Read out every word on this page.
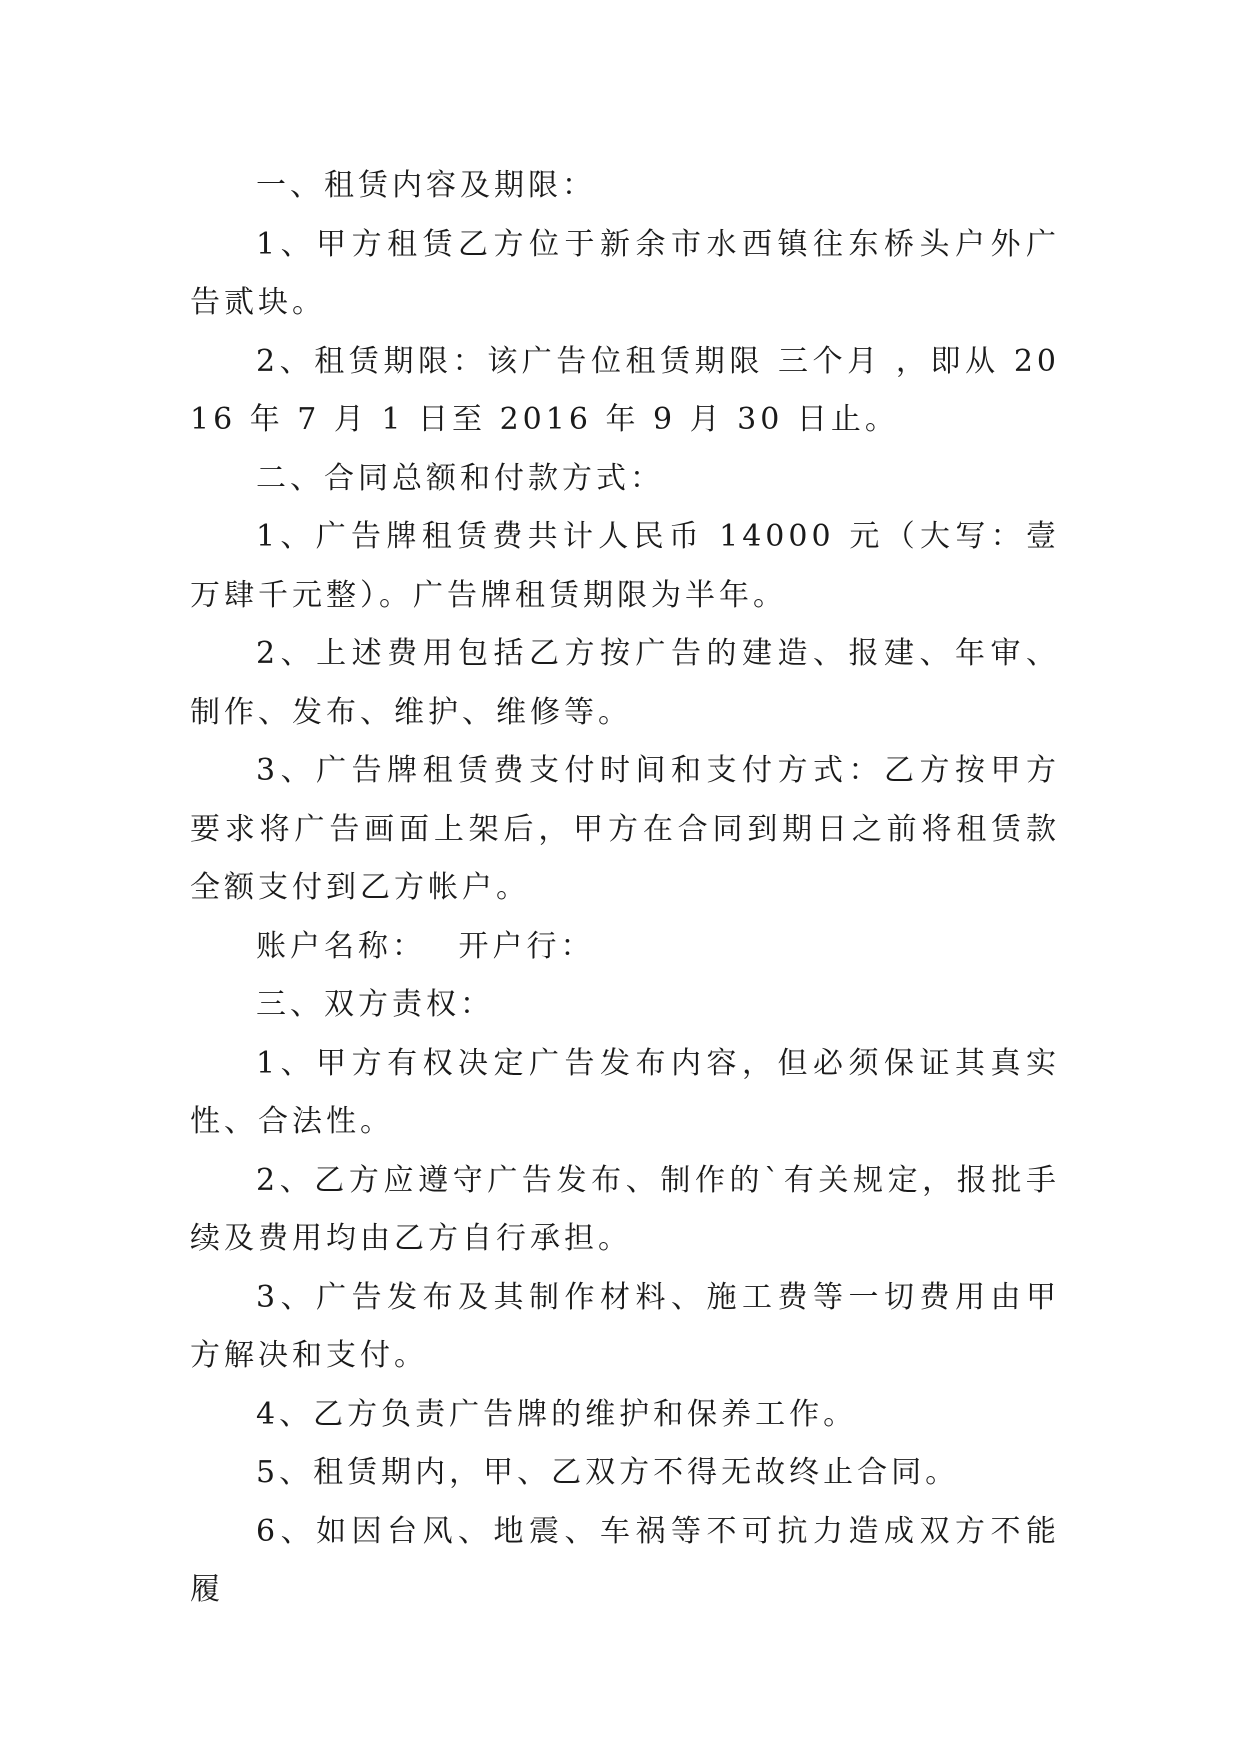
一、租赁内容及期限：

1、甲方租赁乙方位于新余市水西镇往东桥头户外广告贰块。

2、租赁期限：该广告位租赁期限 三个月 ，即从 2016 年 7 月 1 日至 2016 年 9 月 30 日止。

二、合同总额和付款方式：

1、广告牌租赁费共计人民币 14000 元（大写：壹万肆千元整）。广告牌租赁期限为半年。

2、上述费用包括乙方按广告的建造、报建、年审、制作、发布、维护、维修等。

3、广告牌租赁费支付时间和支付方式：乙方按甲方要求将广告画面上架后，甲方在合同到期日之前将租赁款全额支付到乙方帐户。

账户名称：　 开户行：

三、双方责权：

1、甲方有权决定广告发布内容，但必须保证其真实性、合法性。

2、乙方应遵守广告发布、制作的`有关规定，报批手续及费用均由乙方自行承担。

3、广告发布及其制作材料、施工费等一切费用由甲方解决和支付。

4、乙方负责广告牌的维护和保养工作。

5、租赁期内，甲、乙双方不得无故终止合同。

6、如因台风、地震、车祸等不可抗力造成双方不能履
